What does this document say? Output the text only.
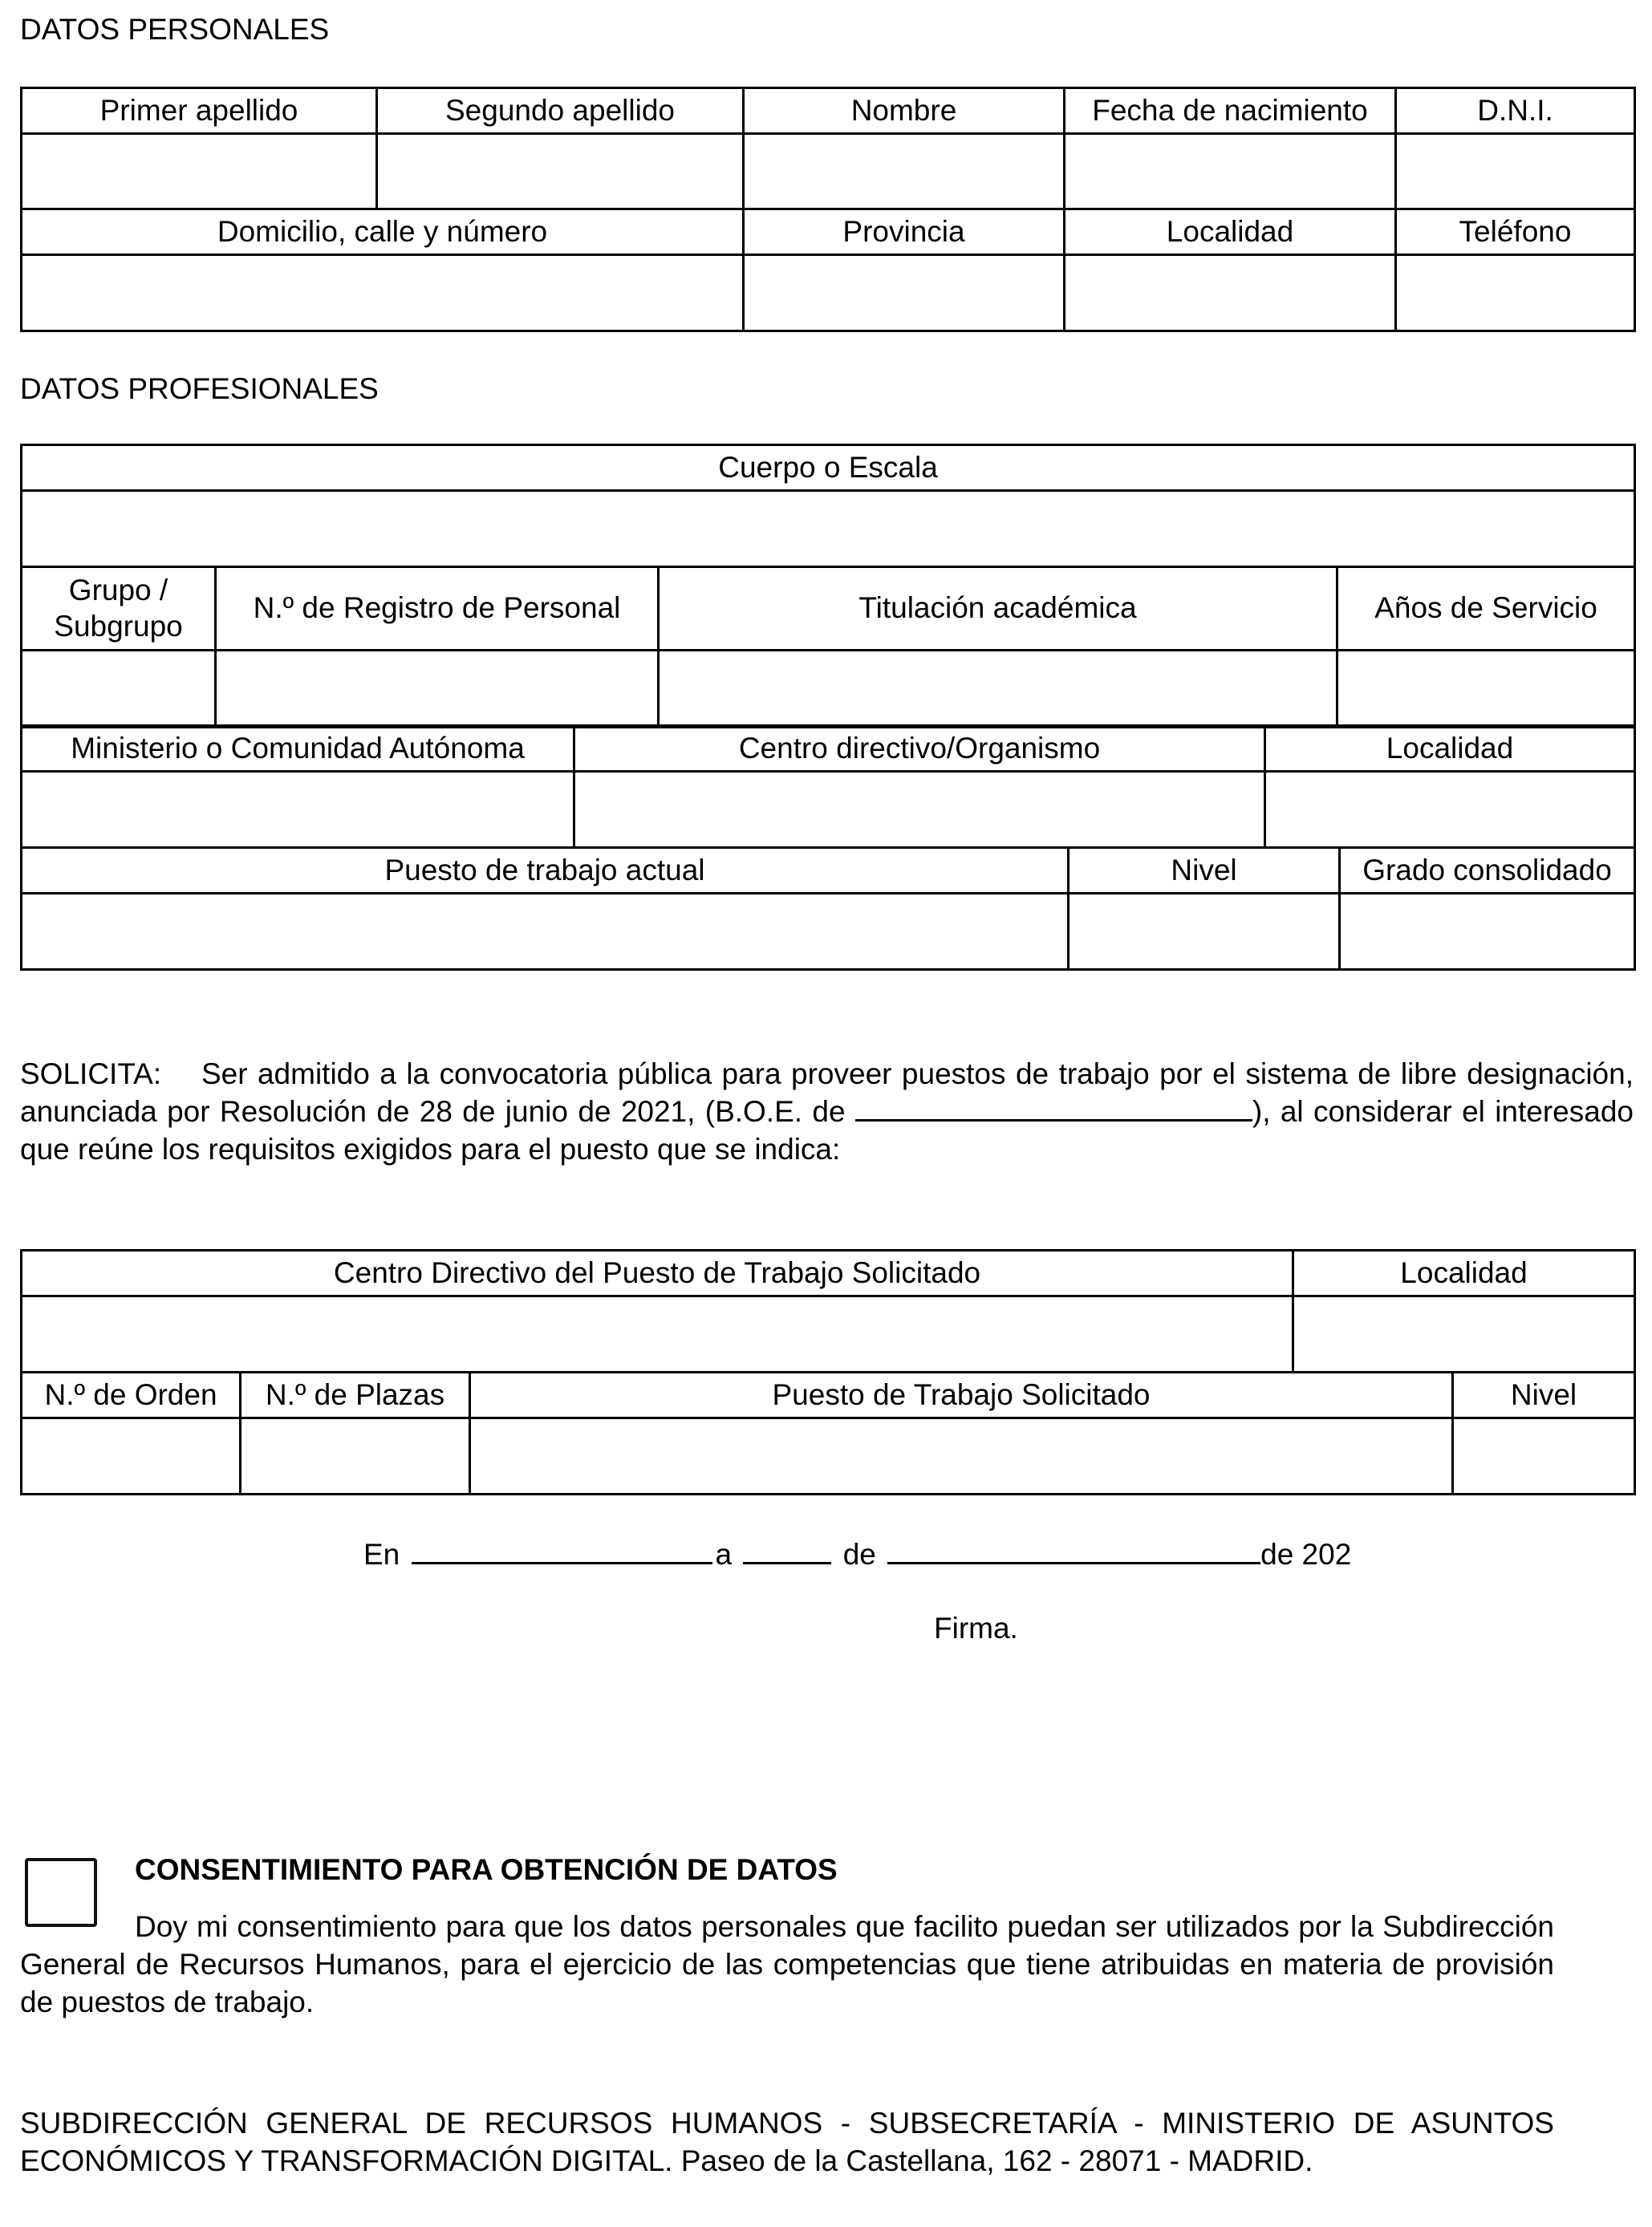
DATOS PERSONALES
Primer apellido	Segundo apellido	Nombre	Fecha de nacimiento	D.N.I.

Domicilio, calle y número		Provincia	Localidad	Teléfono

DATOS PROFESIONALES
Cuerpo o Escala			

Grupo / Subgrupo	N.º de Registro de Personal	Titulación académica	Años de Servicio

Ministerio o Comunidad Autónoma	Centro directivo/Organismo	Localidad

Puesto de trabajo actual	Nivel	Grado consolidado

SOLICITA: Ser admitido a la convocatoria pública para proveer puestos de trabajo por el sistema de libre designación, anunciada por Resolución de 28 de junio de 2021, (B.O.E. de	), al considerar el interesado que reúne los requisitos exigidos para el puesto que se indica:
Centro Directivo del Puesto de Trabajo Solicitado	Localidad

N.º de Orden	N.º de Plazas	Puesto de Trabajo Solicitado	Nivel

En	a	de	de 202
Firma.
CONSENTIMIENTO PARA OBTENCIÓN DE DATOS
Doy mi consentimiento para que los datos personales que facilito puedan ser utilizados por la Subdirección General de Recursos Humanos, para el ejercicio de las competencias que tiene atribuidas en materia de provisión de puestos de trabajo.
SUBDIRECCIÓN GENERAL DE RECURSOS HUMANOS - SUBSECRETARÍA - MINISTERIO DE ASUNTOS ECONÓMICOS Y TRANSFORMACIÓN DIGITAL. Paseo de la Castellana, 162 - 28071 - MADRID.
